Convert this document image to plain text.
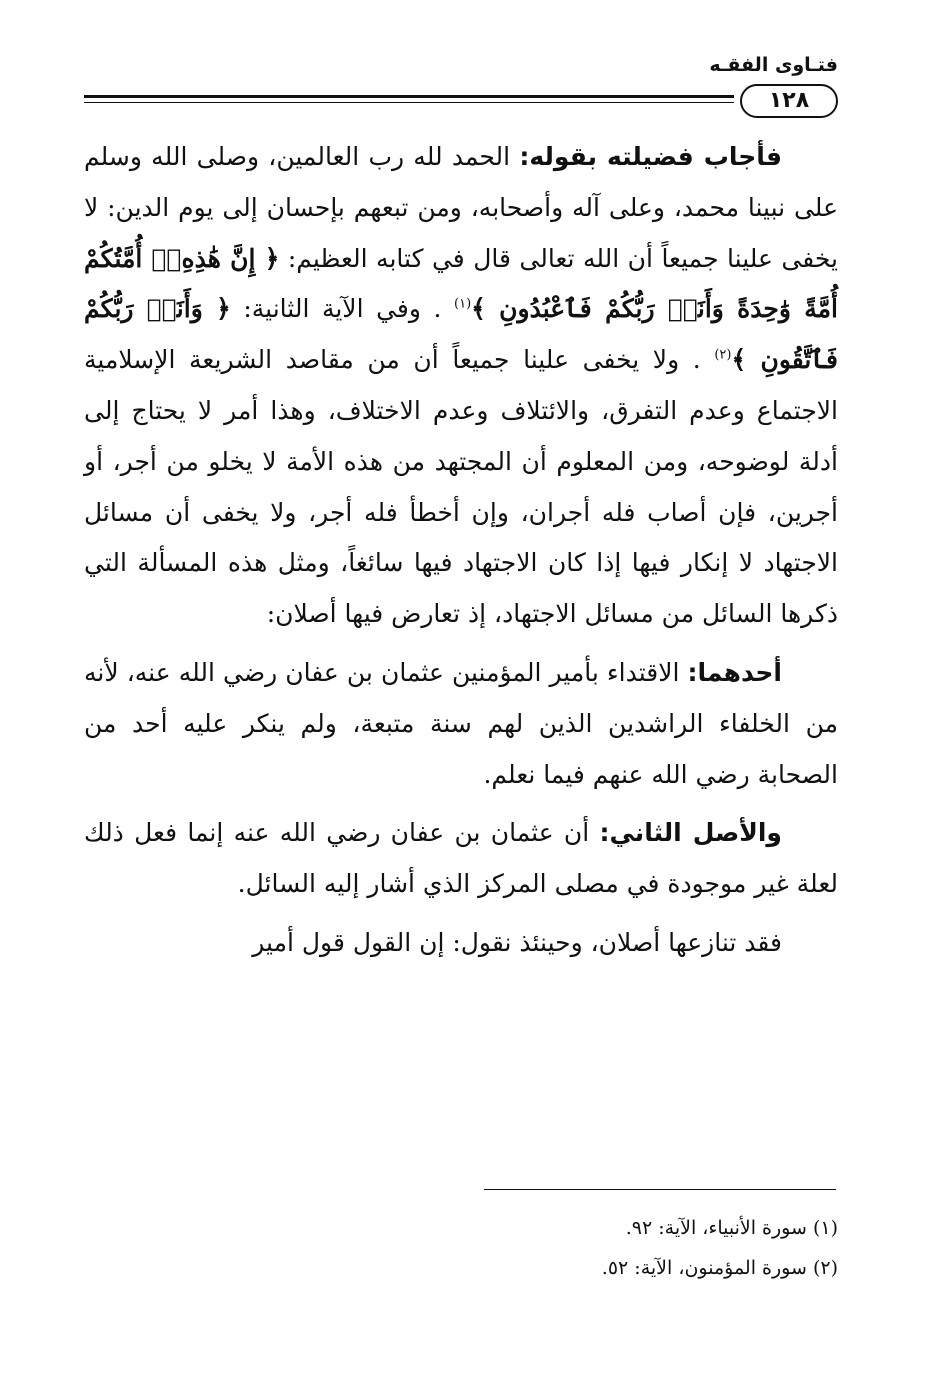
فتـاوى الفقـه
١٢٨

فأجاب فضيلته بقوله: الحمد لله رب العالمين، وصلى الله وسلم على نبينا محمد، وعلى آله وأصحابه، ومن تبعهم بإحسان إلى يوم الدين: لا يخفى علينا جميعاً أن الله تعالى قال في كتابه العظيم: ﴿ إِنَّ هَٰذِهِۦٓ أُمَّتُكُمْ أُمَّةً وَٰحِدَةً وَأَنَا۠ رَبُّكُمْ فَٱعْبُدُونِ ﴾$^{(١)}$ . وفي الآية الثانية: ﴿ وَأَنَا۠ رَبُّكُمْ فَٱتَّقُونِ ﴾$^{(٢)}$ . ولا يخفى علينا جميعاً أن من مقاصد الشريعة الإسلامية الاجتماع وعدم التفرق، والائتلاف وعدم الاختلاف، وهذا أمر لا يحتاج إلى أدلة لوضوحه، ومن المعلوم أن المجتهد من هذه الأمة لا يخلو من أجر، أو أجرين، فإن أصاب فله أجران، وإن أخطأ فله أجر، ولا يخفى أن مسائل الاجتهاد لا إنكار فيها إذا كان الاجتهاد فيها سائغاً، ومثل هذه المسألة التي ذكرها السائل من مسائل الاجتهاد، إذ تعارض فيها أصلان:

أحدهما: الاقتداء بأمير المؤمنين عثمان بن عفان رضي الله عنه، لأنه من الخلفاء الراشدين الذين لهم سنة متبعة، ولم ينكر عليه أحد من الصحابة رضي الله عنهم فيما نعلم.

والأصل الثاني: أن عثمان بن عفان رضي الله عنه إنما فعل ذلك لعلة غير موجودة في مصلى المركز الذي أشار إليه السائل.

فقد تنازعها أصلان، وحينئذ نقول: إن القول قول أمير

(١) سورة الأنبياء، الآية: ٩٢.

(٢) سورة المؤمنون، الآية: ٥٢.
